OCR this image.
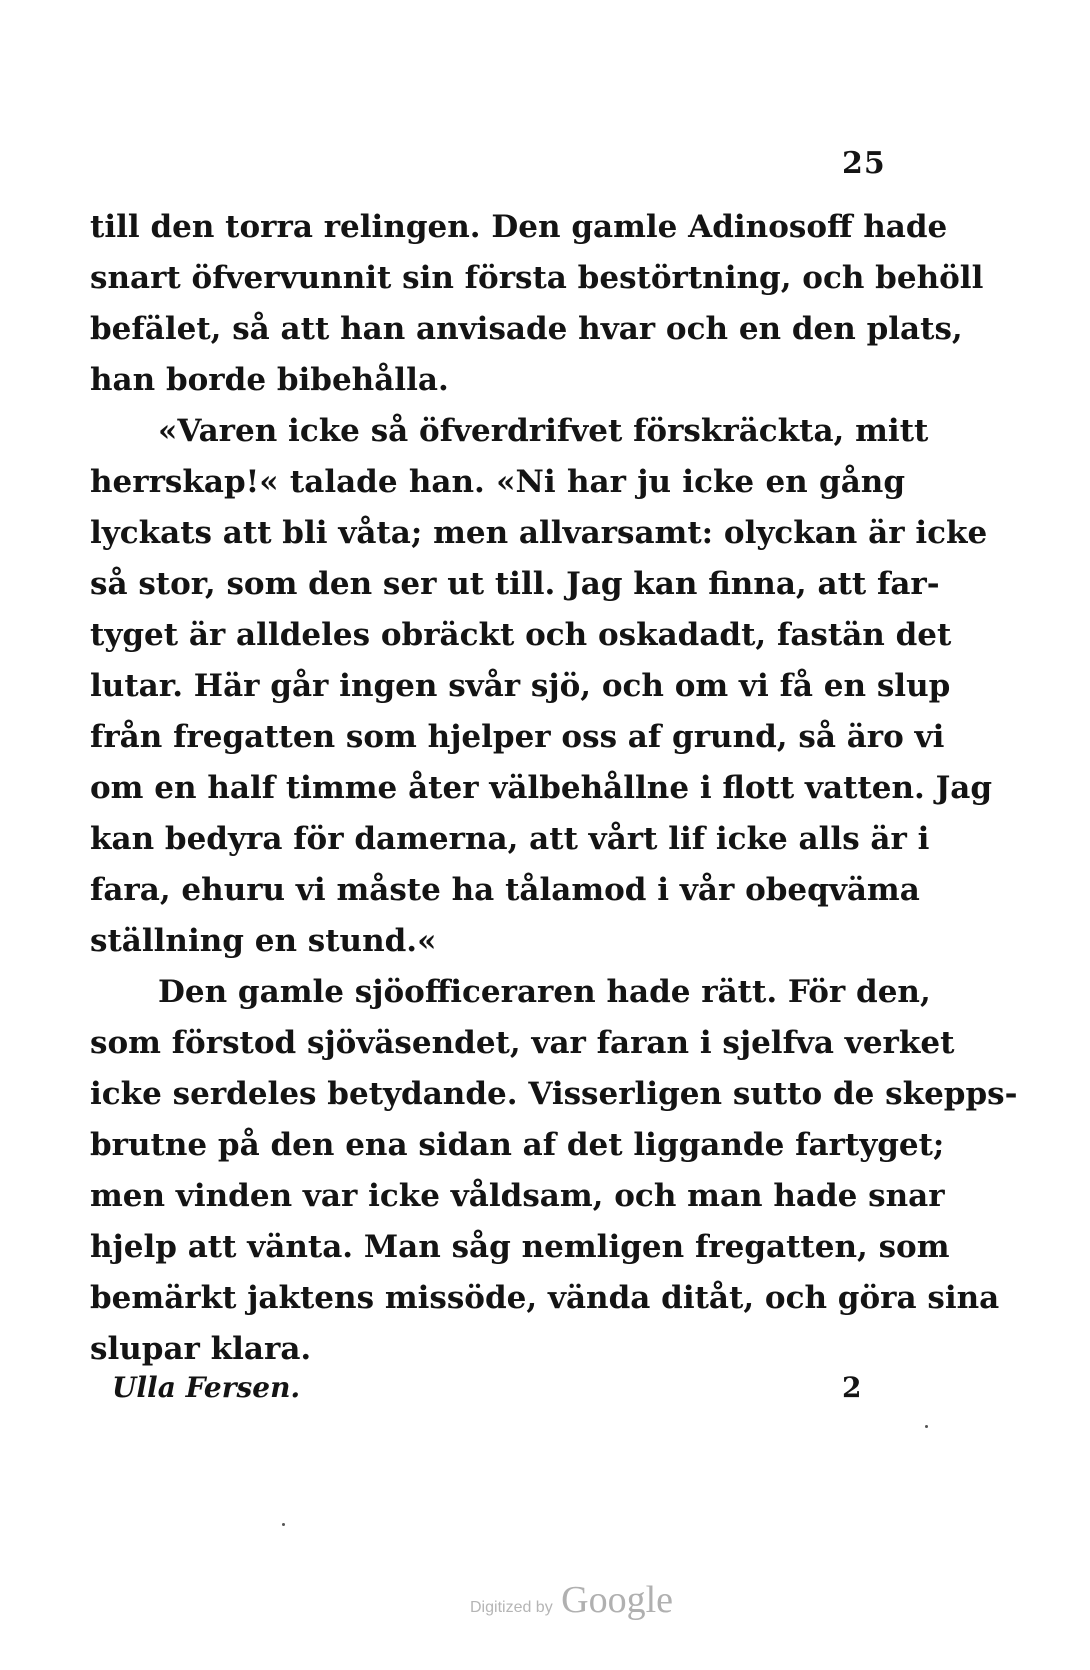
25
till den torra relingen. Den gamle Adinosoff hade
snart öfvervunnit sin första bestörtning, och behöll
befälet, så att han anvisade hvar och en den plats,
han borde bibehålla.
«Varen icke så öfverdrifvet förskräckta, mitt
herrskap!« talade han. «Ni har ju icke en gång
lyckats att bli våta; men allvarsamt: olyckan är icke
så stor, som den ser ut till. Jag kan finna, att far-
tyget är alldeles obräckt och oskadadt, fastän det
lutar. Här går ingen svår sjö, och om vi få en slup
från fregatten som hjelper oss af grund, så äro vi
om en half timme åter välbehållne i flott vatten. Jag
kan bedyra för damerna, att vårt lif icke alls är i
fara, ehuru vi måste ha tålamod i vår obeqväma
ställning en stund.«
Den gamle sjöofficeraren hade rätt. För den,
som förstod sjöväsendet, var faran i sjelfva verket
icke serdeles betydande. Visserligen sutto de skepps-
brutne på den ena sidan af det liggande fartyget;
men vinden var icke våldsam, och man hade snar
hjelp att vänta. Man såg nemligen fregatten, som
bemärkt jaktens missöde, vända ditåt, och göra sina
slupar klara.
Ulla Fersen.	2
Digitized by Google
